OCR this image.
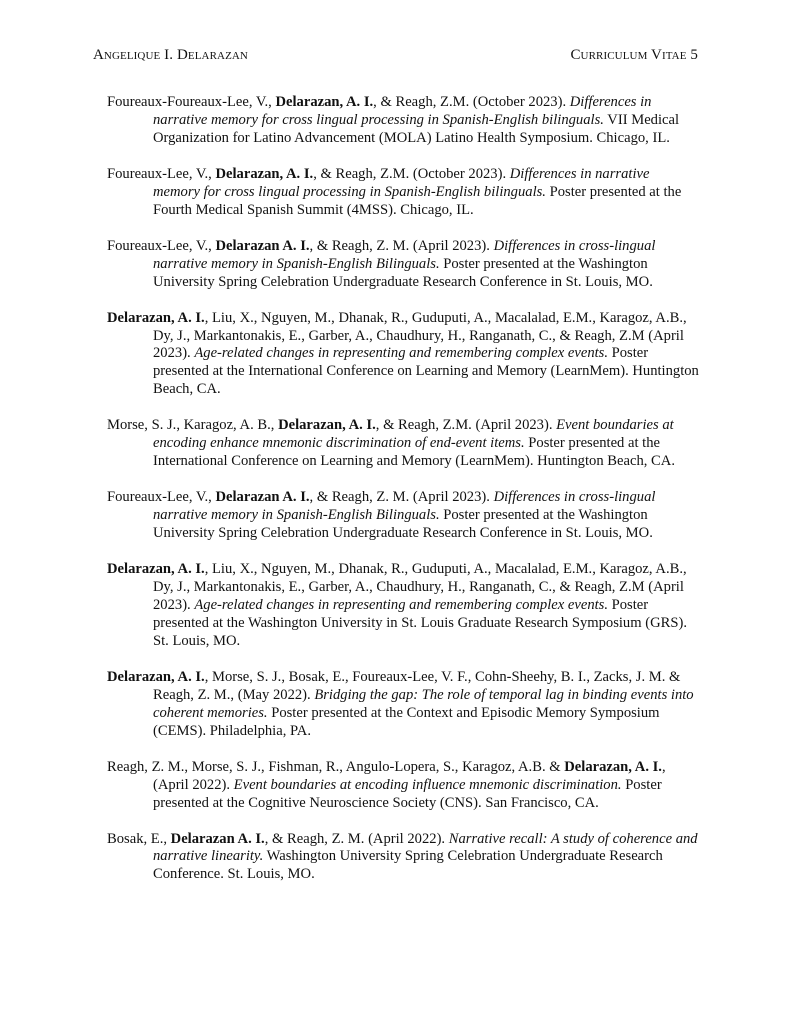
Angelique I. Delarazan	Curriculum Vitae 5

Foureaux-Foureaux-Lee, V., Delarazan, A. I., & Reagh, Z.M. (October 2023). Differences in narrative memory for cross lingual processing in Spanish-English bilinguals. VII Medical Organization for Latino Advancement (MOLA) Latino Health Symposium. Chicago, IL.

Foureaux-Lee, V., Delarazan, A. I., & Reagh, Z.M. (October 2023). Differences in narrative memory for cross lingual processing in Spanish-English bilinguals. Poster presented at the Fourth Medical Spanish Summit (4MSS). Chicago, IL.

Foureaux-Lee, V., Delarazan A. I., & Reagh, Z. M. (April 2023). Differences in cross-lingual narrative memory in Spanish-English Bilinguals. Poster presented at the Washington University Spring Celebration Undergraduate Research Conference in St. Louis, MO.

Delarazan, A. I., Liu, X., Nguyen, M., Dhanak, R., Guduputi, A., Macalalad, E.M., Karagoz, A.B., Dy, J., Markantonakis, E., Garber, A., Chaudhury, H., Ranganath, C., & Reagh, Z.M (April 2023). Age-related changes in representing and remembering complex events. Poster presented at the International Conference on Learning and Memory (LearnMem). Huntington Beach, CA.

Morse, S. J., Karagoz, A. B., Delarazan, A. I., & Reagh, Z.M. (April 2023). Event boundaries at encoding enhance mnemonic discrimination of end-event items. Poster presented at the International Conference on Learning and Memory (LearnMem). Huntington Beach, CA.

Foureaux-Lee, V., Delarazan A. I., & Reagh, Z. M. (April 2023). Differences in cross-lingual narrative memory in Spanish-English Bilinguals. Poster presented at the Washington University Spring Celebration Undergraduate Research Conference in St. Louis, MO.

Delarazan, A. I., Liu, X., Nguyen, M., Dhanak, R., Guduputi, A., Macalalad, E.M., Karagoz, A.B., Dy, J., Markantonakis, E., Garber, A., Chaudhury, H., Ranganath, C., & Reagh, Z.M (April 2023). Age-related changes in representing and remembering complex events. Poster presented at the Washington University in St. Louis Graduate Research Symposium (GRS). St. Louis, MO.

Delarazan, A. I., Morse, S. J., Bosak, E., Foureaux-Lee, V. F., Cohn-Sheehy, B. I., Zacks, J. M. & Reagh, Z. M., (May 2022). Bridging the gap: The role of temporal lag in binding events into coherent memories. Poster presented at the Context and Episodic Memory Symposium (CEMS). Philadelphia, PA.

Reagh, Z. M., Morse, S. J., Fishman, R., Angulo-Lopera, S., Karagoz, A.B. & Delarazan, A. I., (April 2022). Event boundaries at encoding influence mnemonic discrimination. Poster presented at the Cognitive Neuroscience Society (CNS). San Francisco, CA.

Bosak, E., Delarazan A. I., & Reagh, Z. M. (April 2022). Narrative recall: A study of coherence and narrative linearity. Washington University Spring Celebration Undergraduate Research Conference. St. Louis, MO.
